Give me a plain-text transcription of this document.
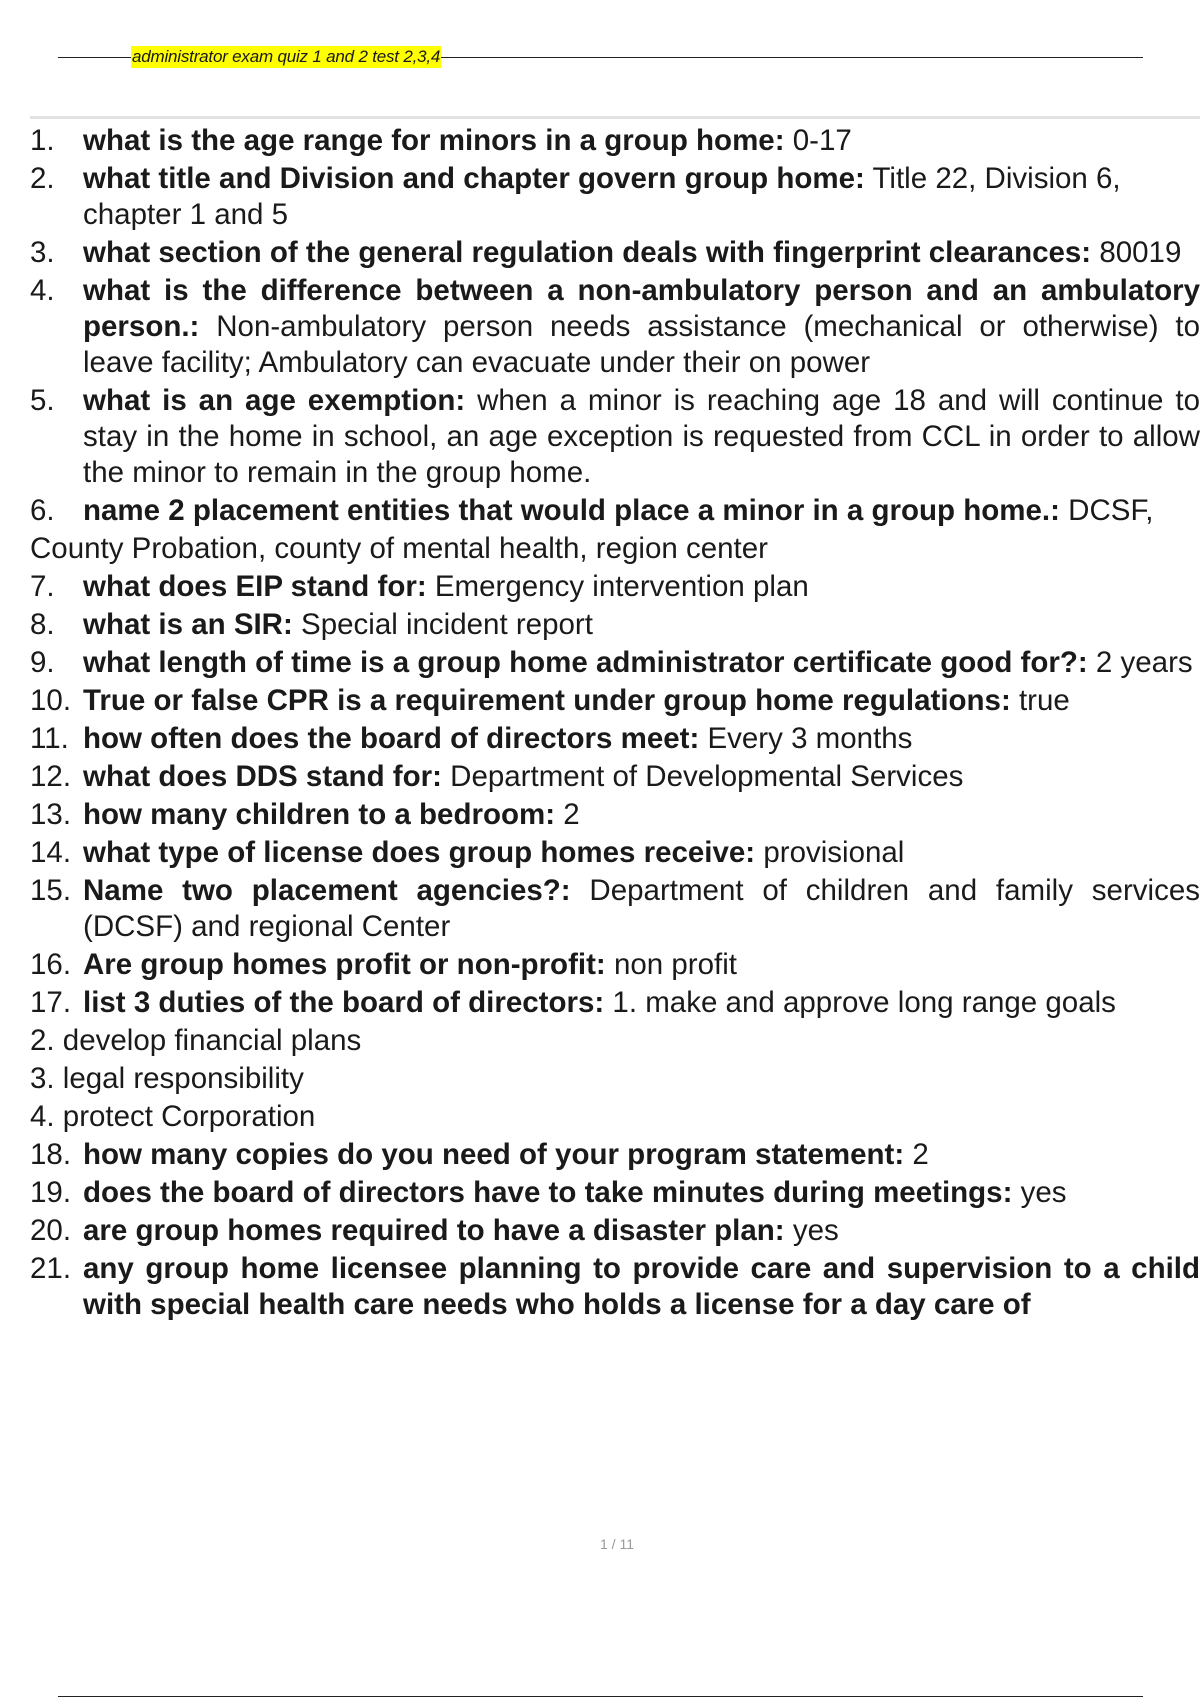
administrator exam quiz 1 and 2 test 2,3,4
1. what is the age range for minors in a group home: 0-17
2. what title and Division and chapter govern group home: Title 22, Division 6, chapter 1 and 5
3. what section of the general regulation deals with fingerprint clearances: 80019
4. what is the difference between a non-ambulatory person and an ambulatory person.: Non-ambulatory person needs assistance (mechanical or otherwise) to leave facility; Ambulatory can evacuate under their on power
5. what is an age exemption: when a minor is reaching age 18 and will continue to stay in the home in school, an age exception is requested from CCL in order to allow the minor to remain in the group home.
6. name 2 placement entities that would place a minor in a group home.: DCSF,
County Probation, county of mental health, region center
7. what does EIP stand for: Emergency intervention plan
8. what is an SIR: Special incident report
9. what length of time is a group home administrator certificate good for?: 2 years
10. True or false CPR is a requirement under group home regulations: true
11. how often does the board of directors meet: Every 3 months
12. what does DDS stand for: Department of Developmental Services
13. how many children to a bedroom: 2
14. what type of license does group homes receive: provisional
15. Name two placement agencies?: Department of children and family services (DCSF) and regional Center
16. Are group homes profit or non-profit: non profit
17. list 3 duties of the board of directors: 1. make and approve long range goals
2. develop financial plans
3. legal responsibility
4. protect Corporation
18. how many copies do you need of your program statement: 2
19. does the board of directors have to take minutes during meetings: yes
20. are group homes required to have a disaster plan: yes
21. any group home licensee planning to provide care and supervision to a child with special health care needs who holds a license for a day care of
1 / 11
